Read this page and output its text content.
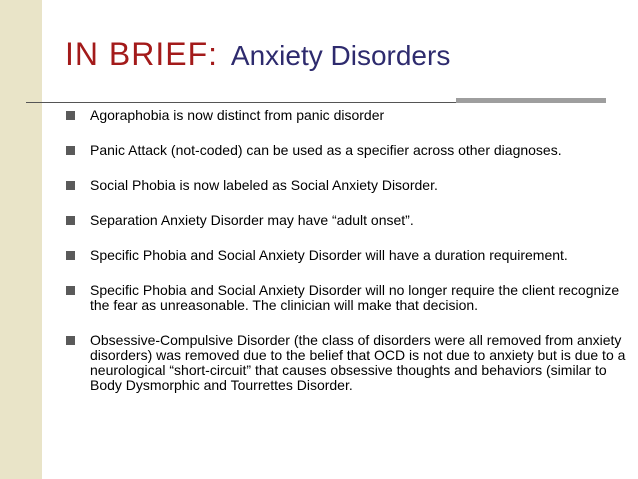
IN BRIEF: Anxiety Disorders
Agoraphobia is now distinct from panic disorder
Panic Attack (not-coded) can be used as a specifier across other diagnoses.
Social Phobia is now labeled as Social Anxiety Disorder.
Separation Anxiety Disorder may have “adult onset”.
Specific Phobia and Social Anxiety Disorder will have a duration requirement.
Specific Phobia and Social Anxiety Disorder will no longer require the client recognize the fear as unreasonable. The clinician will make that decision.
Obsessive-Compulsive Disorder (the class of disorders were all removed from anxiety disorders) was removed due to the belief that OCD is not due to anxiety but is due to a neurological “short-circuit” that causes obsessive thoughts and behaviors (similar to Body Dysmorphic and Tourrettes Disorder.
